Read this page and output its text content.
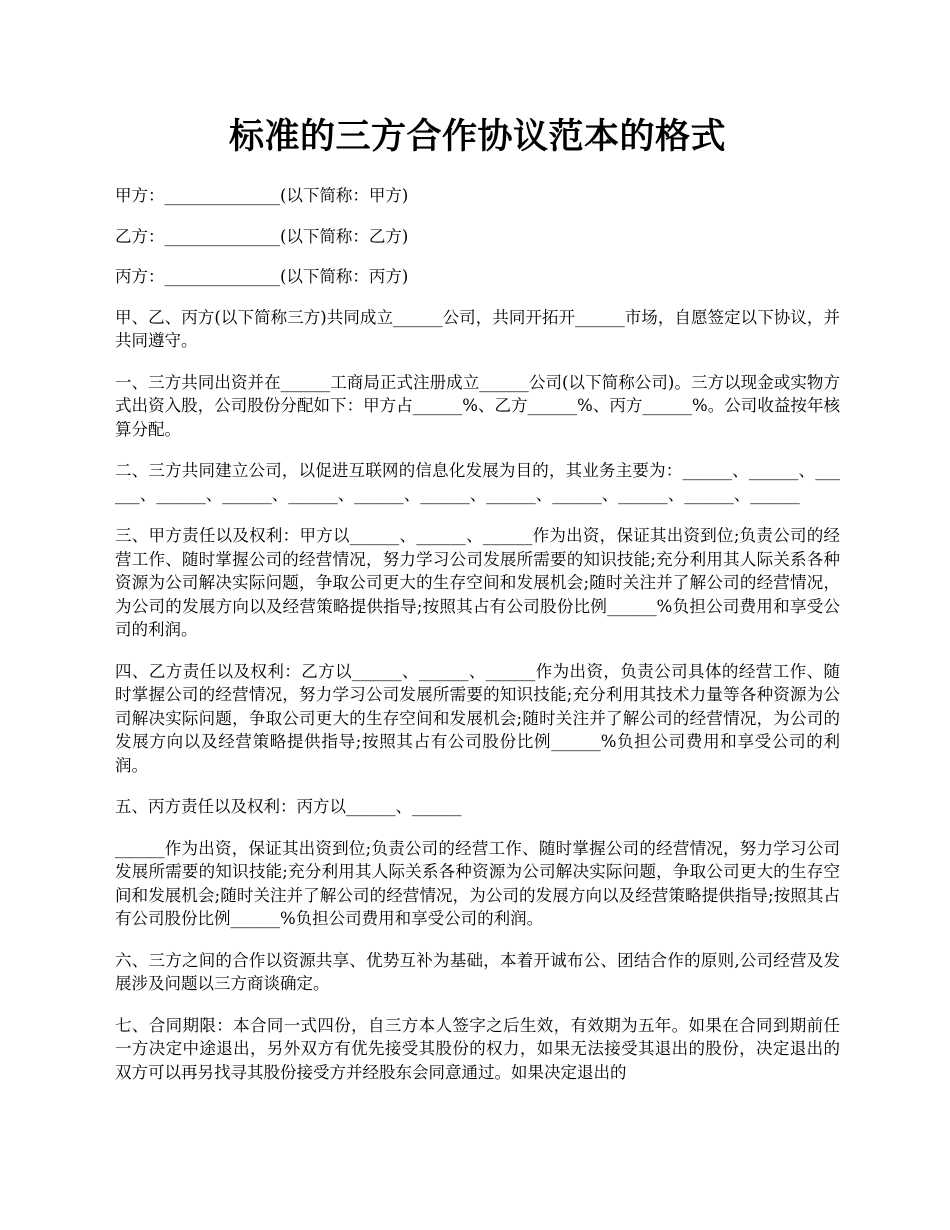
标准的三方合作协议范本的格式
甲方：______________(以下简称：甲方)
乙方：______________(以下简称：乙方)
丙方：______________(以下简称：丙方)
甲、乙、丙方(以下简称三方)共同成立______公司，共同开拓开______市场，自愿签定以下协议，并共同遵守。
一、三方共同出资并在______工商局正式注册成立______公司(以下简称公司)。三方以现金或实物方式出资入股，公司股份分配如下：甲方占______%、乙方______%、丙方______%。公司收益按年核算分配。
二、三方共同建立公司，以促进互联网的信息化发展为目的，其业务主要为：______、______、______、______、______、______、______、______、______、______、______、______、______
三、甲方责任以及权利：甲方以______、______、______作为出资，保证其出资到位;负责公司的经营工作、随时掌握公司的经营情况，努力学习公司发展所需要的知识技能;充分利用其人际关系各种资源为公司解决实际问题，争取公司更大的生存空间和发展机会;随时关注并了解公司的经营情况，为公司的发展方向以及经营策略提供指导;按照其占有公司股份比例______%负担公司费用和享受公司的利润。
四、乙方责任以及权利：乙方以______、______、______作为出资，负责公司具体的经营工作、随时掌握公司的经营情况，努力学习公司发展所需要的知识技能;充分利用其技术力量等各种资源为公司解决实际问题，争取公司更大的生存空间和发展机会;随时关注并了解公司的经营情况，为公司的发展方向以及经营策略提供指导;按照其占有公司股份比例______%负担公司费用和享受公司的利润。
五、丙方责任以及权利：丙方以______、______
______作为出资，保证其出资到位;负责公司的经营工作、随时掌握公司的经营情况，努力学习公司发展所需要的知识技能;充分利用其人际关系各种资源为公司解决实际问题，争取公司更大的生存空间和发展机会;随时关注并了解公司的经营情况，为公司的发展方向以及经营策略提供指导;按照其占有公司股份比例______%负担公司费用和享受公司的利润。
六、三方之间的合作以资源共享、优势互补为基础，本着开诚布公、团结合作的原则,公司经营及发展涉及问题以三方商谈确定。
七、合同期限：本合同一式四份，自三方本人签字之后生效，有效期为五年。如果在合同到期前任一方决定中途退出，另外双方有优先接受其股份的权力，如果无法接受其退出的股份，决定退出的双方可以再另找寻其股份接受方并经股东会同意通过。如果决定退出的
